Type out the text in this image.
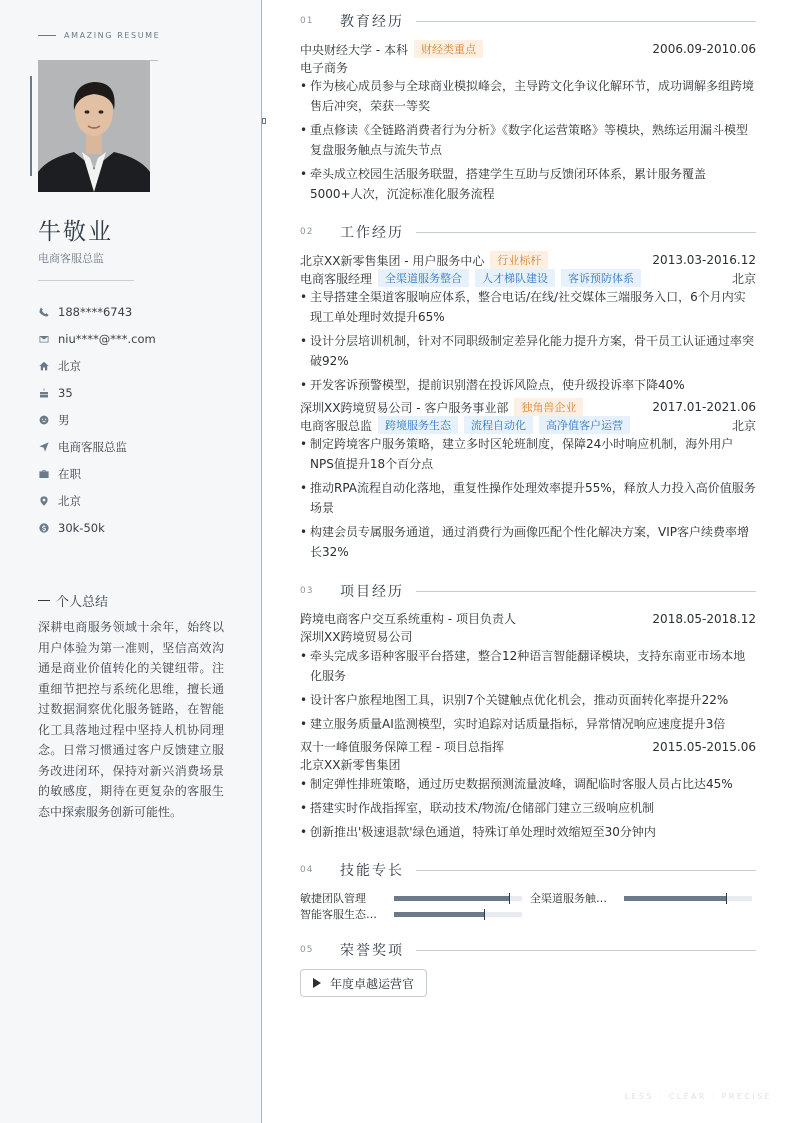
AMAZING RESUME
牛敬业
电商客服总监
188****6743
niu****@***.com
北京
35
男
电商客服总监
在职
北京
30k-50k
个人总结
深耕电商服务领域十余年，始终以用户体验为第一准则，坚信高效沟通是商业价值转化的关键纽带。注重细节把控与系统化思维，擅长通过数据洞察优化服务链路，在智能化工具落地过程中坚持人机协同理念。日常习惯通过客户反馈建立服务改进闭环，保持对新兴消费场景的敏感度，期待在更复杂的客服生态中探索服务创新可能性。
01	教育经历
中央财经大学 - 本科	财经类重点	2006.09-2010.06
电子商务
• 作为核心成员参与全球商业模拟峰会，主导跨文化争议化解环节，成功调解多组跨境售后冲突，荣获一等奖
• 重点修读《全链路消费者行为分析》《数字化运营策略》等模块，熟练运用漏斗模型复盘服务触点与流失节点
• 牵头成立校园生活服务联盟，搭建学生互助与反馈闭环体系，累计服务覆盖5000+人次，沉淀标准化服务流程
02	工作经历
北京XX新零售集团 - 用户服务中心	行业标杆	2013.03-2016.12
电商客服经理	全渠道服务整合	人才梯队建设	客诉预防体系	北京
• 主导搭建全渠道客服响应体系，整合电话/在线/社交媒体三端服务入口，6个月内实现工单处理时效提升65%
• 设计分层培训机制，针对不同职级制定差异化能力提升方案，骨干员工认证通过率突破92%
• 开发客诉预警模型，提前识别潜在投诉风险点，使升级投诉率下降40%
深圳XX跨境贸易公司 - 客户服务事业部	独角兽企业	2017.01-2021.06
电商客服总监	跨境服务生态	流程自动化	高净值客户运营	北京
• 制定跨境客户服务策略，建立多时区轮班制度，保障24小时响应机制，海外用户NPS值提升18个百分点
• 推动RPA流程自动化落地，重复性操作处理效率提升55%，释放人力投入高价值服务场景
• 构建会员专属服务通道，通过消费行为画像匹配个性化解决方案，VIP客户续费率增长32%
03	项目经历
跨境电商客户交互系统重构 - 项目负责人	2018.05-2018.12
深圳XX跨境贸易公司
• 牵头完成多语种客服平台搭建，整合12种语言智能翻译模块，支持东南亚市场本地化服务
• 设计客户旅程地图工具，识别7个关键触点优化机会，推动页面转化率提升22%
• 建立服务质量AI监测模型，实时追踪对话质量指标，异常情况响应速度提升3倍
双十一峰值服务保障工程 - 项目总指挥	2015.05-2015.06
北京XX新零售集团
• 制定弹性排班策略，通过历史数据预测流量波峰，调配临时客服人员占比达45%
• 搭建实时作战指挥室，联动技术/物流/仓储部门建立三级响应机制
• 创新推出'极速退款'绿色通道，特殊订单处理时效缩短至30分钟内
04	技能专长
敏捷团队管理	全渠道服务触…
智能客服生态…
05	荣誉奖项
年度卓越运营官
LESS · CLEAR · PRECISE
